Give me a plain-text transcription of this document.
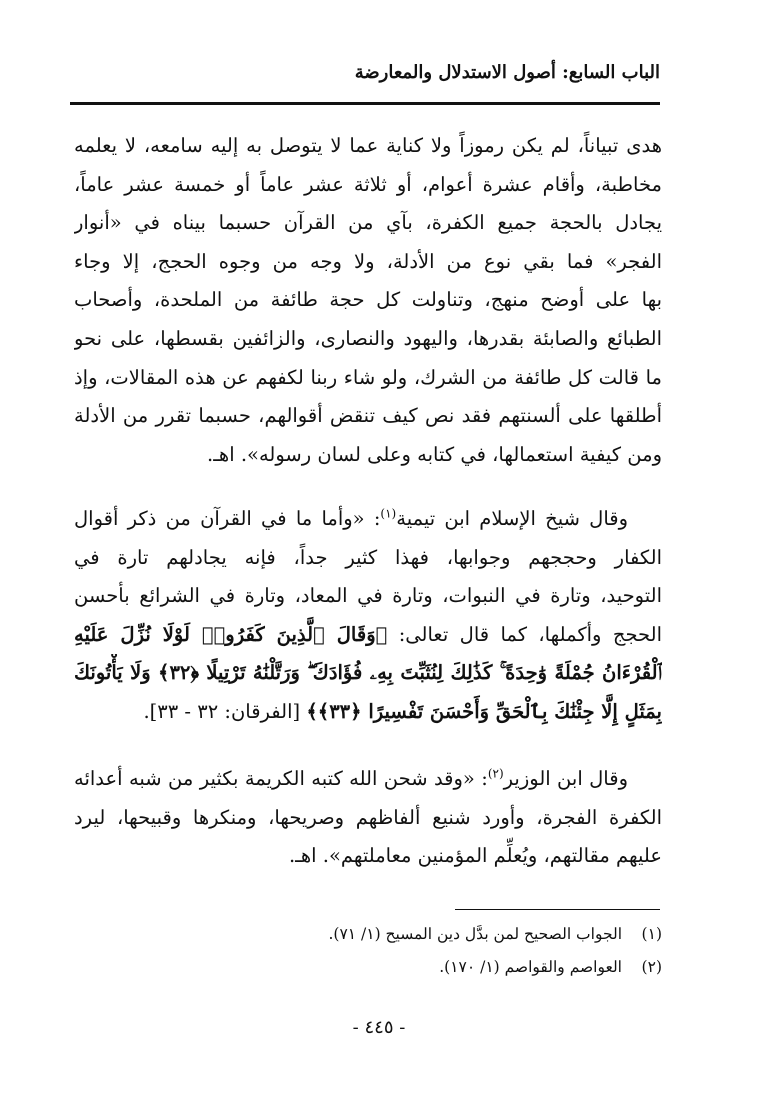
الباب السابع: أصول الاستدلال والمعارضة
هدى تبياناً، لم يكن رموزاً ولا كناية عما لا يتوصل به إليه سامعه، لا يعلمه
مخاطبة، وأقام عشرة أعوام، أو ثلاثة عشر عاماً أو خمسة عشر عاماً،
يجادل بالحجة جميع الكفرة، بآي من القرآن حسبما بيناه في «أنوار
الفجر» فما بقي نوع من الأدلة، ولا وجه من وجوه الحجج، إلا وجاء
بها على أوضح منهج، وتناولت كل حجة طائفة من الملحدة، وأصحاب
الطبائع والصابئة بقدرها، واليهود والنصارى، والزائفين بقسطها، على نحو
ما قالت كل طائفة من الشرك، ولو شاء ربنا لكفهم عن هذه المقالات، وإذ
أطلقها على ألسنتهم فقد نص كيف تنقض أقوالهم، حسبما تقرر من الأدلة
ومن كيفية استعمالها، في كتابه وعلى لسان رسوله». اهـ.
وقال شيخ الإسلام ابن تيمية$^{(١)}$: «وأما ما في القرآن من ذكر أقوال
الكفار وحججهم وجوابها، فهذا كثير جداً، فإنه يجادلهم تارة في
التوحيد، وتارة في النبوات، وتارة في المعاد، وتارة في الشرائع بأحسن
الحجج وأكملها، كما قال تعالى: ﴿وَقَالَ ٱلَّذِينَ كَفَرُوا۟ لَوْلَا نُزِّلَ عَلَيْهِ
ٱلْقُرْءَانُ جُمْلَةً وَٰحِدَةً ۚ كَذَٰلِكَ لِنُثَبِّتَ بِهِۦ فُؤَادَكَ ۖ وَرَتَّلْنَٰهُ تَرْتِيلًا ﴿٣٢﴾ وَلَا يَأْتُونَكَ
بِمَثَلٍ إِلَّا جِئْنَٰكَ بِٱلْحَقِّ وَأَحْسَنَ تَفْسِيرًا ﴿٣٣﴾﴾ [الفرقان: ٣٢ - ٣٣].
وقال ابن الوزير$^{(٢)}$: «وقد شحن الله كتبه الكريمة بكثير من شبه أعدائه
الكفرة الفجرة، وأورد شنيع ألفاظهم وصريحها، ومنكرها وقبيحها، ليرد
عليهم مقالتهم، ويُعلِّم المؤمنين معاملتهم». اهـ.
(١)الجواب الصحيح لمن بدَّل دين المسيح (١/ ٧١).
(٢)العواصم والقواصم (١/ ١٧٠).
- ٤٤٥ -
